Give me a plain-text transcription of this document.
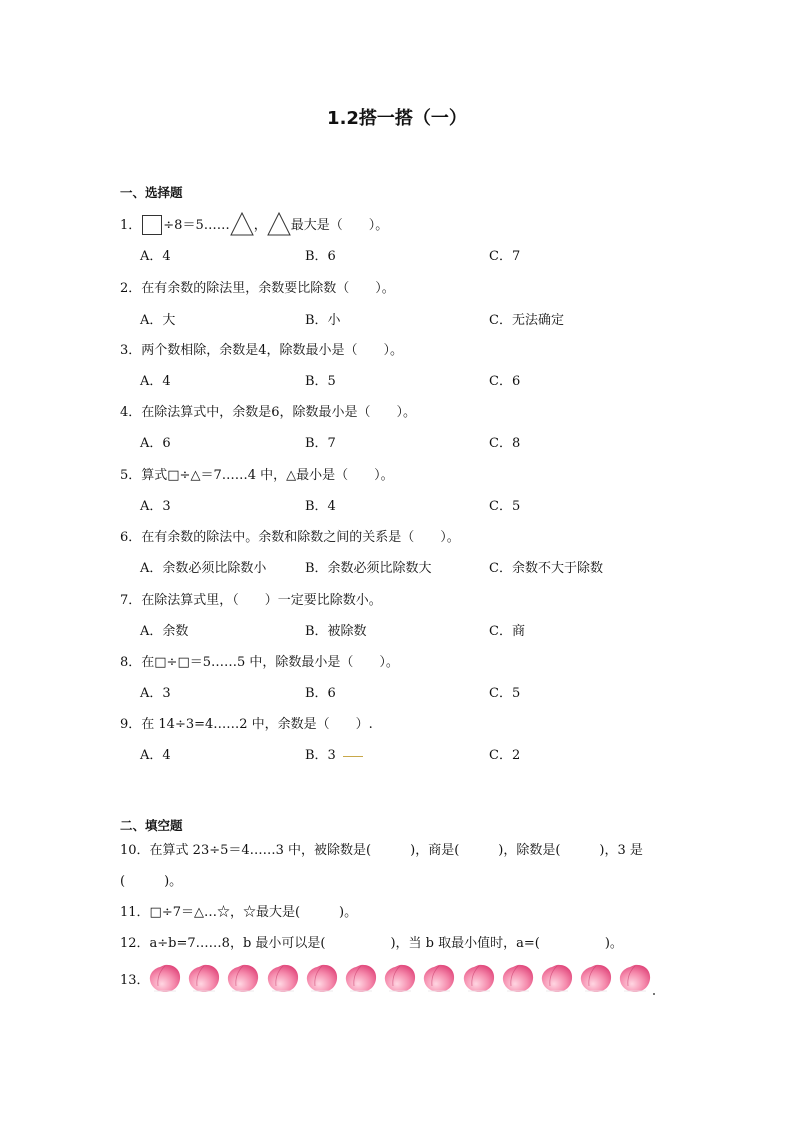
1.2搭一搭（一）
一、选择题
1． ÷8＝5…… ， 最大是（　　）。
A．4	B．6	C．7
2．在有余数的除法里，余数要比除数（　　）。
A．大	B．小	C．无法确定
3．两个数相除，余数是4，除数最小是（　　）。
A．4	B．5	C．6
4．在除法算式中，余数是6，除数最小是（　　）。
A．6	B．7	C．8
5．算式□÷△＝7……4 中，△最小是（　　）。
A．3	B．4	C．5
6．在有余数的除法中。余数和除数之间的关系是（　　）。
A．余数必须比除数小	B．余数必须比除数大	C．余数不大于除数
7．在除法算式里，（　　）一定要比除数小。
A．余数	B．被除数	C．商
8．在□÷□＝5……5 中，除数最小是（　　）。
A．3	B．6	C．5
9．在 14÷3=4……2 中，余数是（　　）.
A．4	B．3	C．2
二、填空题
10．在算式 23÷5＝4……3 中，被除数是(　　　)，商是(　　　)，除数是(　　　)，3 是
(　　　)。
11．□÷7＝△…☆，☆最大是(　　　)。
12．a÷b=7……8，b 最小可以是(　　　　　)，当 b 取最小值时，a=(　　　　　)。
13．
